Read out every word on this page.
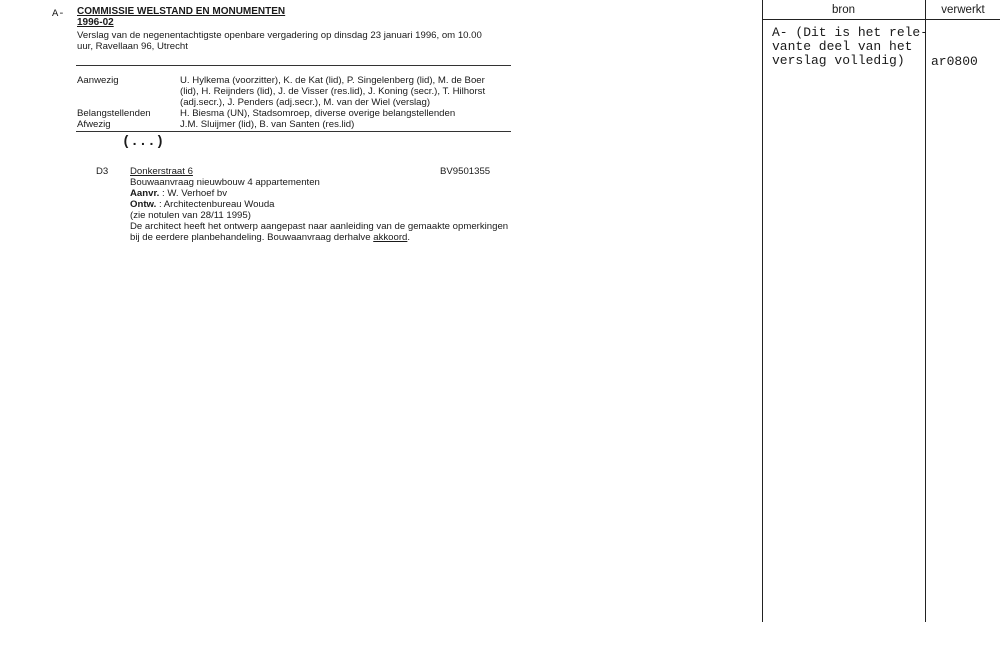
A- COMMISSIE WELSTAND EN MONUMENTEN
1996-02
Verslag van de negenentachtigste openbare vergadering op dinsdag 23 januari 1996, om 10.00
uur, Ravellaan 96, Utrecht
Aanwezig	U. Hylkema (voorzitter), K. de Kat (lid), P. Singelenberg (lid), M. de Boer
(lid), H. Reijnders (lid), J. de Visser (res.lid), J. Koning (secr.), T. Hilhorst
(adj.secr.), J. Penders (adj.secr.), M. van der Wiel (verslag)
Belangstellenden	H. Biesma (UN), Stadsomroep, diverse overige belangstellenden
Afwezig	J.M. Sluijmer (lid), B. van Santen (res.lid)
(...)
D3 Donkerstraat 6	BV9501355
Bouwaanvraag nieuwbouw 4 appartementen
Aanvr. : W. Verhoef bv
Ontw. : Architectenbureau Wouda
(zie notulen van 28/11 1995)
De architect heeft het ontwerp aangepast naar aanleiding van de gemaakte opmerkingen
bij de eerdere planbehandeling. Bouwaanvraag derhalve akkoord.
bron	verwerkt
A- (Dit is het rele-
vante deel van het
verslag volledig) ar0800
